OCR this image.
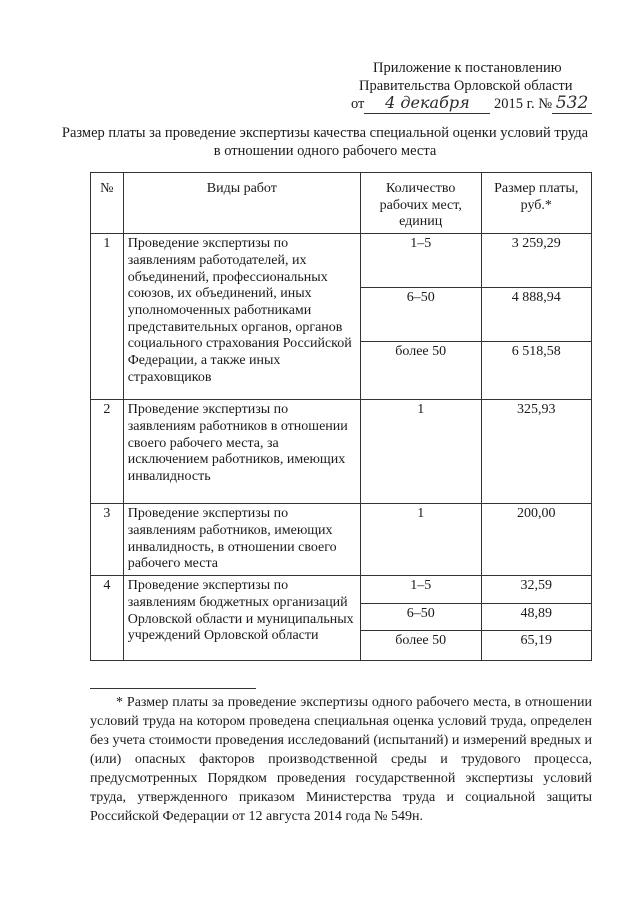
Приложение к постановлению
Правительства Орловской области
от 4 декабря 2015 г. № 532
Размер платы за проведение экспертизы качества специальной оценки условий труда в отношении одного рабочего места
№	Виды работ	Количество рабочих мест, единиц	Размер платы, руб.*
1	Проведение экспертизы по заявлениям работодателей, их объединений, профессиональных союзов, их объединений, иных уполномоченных работниками представительных органов, органов социального страхования Российской Федерации, а также иных страховщиков	1–5	3 259,29
		6–50	4 888,94
		более 50	6 518,58
2	Проведение экспертизы по заявлениям работников в отношении своего рабочего места, за исключением работников, имеющих инвалидность	1	325,93
3	Проведение экспертизы по заявлениям работников, имеющих инвалидность, в отношении своего рабочего места	1	200,00
4	Проведение экспертизы по заявлениям бюджетных организаций Орловской области и муниципальных учреждений Орловской области	1–5	32,59
		6–50	48,89
		более 50	65,19
* Размер платы за проведение экспертизы одного рабочего места, в отношении условий труда на котором проведена специальная оценка условий труда, определен без учета стоимости проведения исследований (испытаний) и измерений вредных и (или) опасных факторов производственной среды и трудового процесса, предусмотренных Порядком проведения государственной экспертизы условий труда, утвержденного приказом Министерства труда и социальной защиты Российской Федерации от 12 августа 2014 года № 549н.
